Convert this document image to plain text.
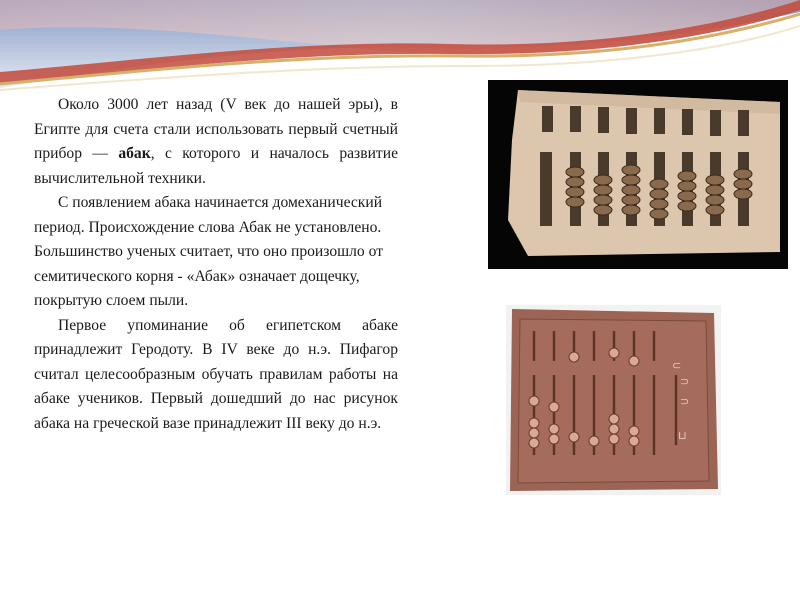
Около 3000 лет назад (V век до нашей эры), в Египте для счета стали использовать первый счетный прибор — абак, с которого и началось развитие вычислительной техники.

С появлением абака начинается домеханический период. Происхождение слова Абак не установлено. Большинство ученых считает, что оно произошло от семитического корня - «Абак» означает дощечку, покрытую слоем пыли.

Первое упоминание об египетском абаке принадлежит Геродоту. В IV веке до н.э. Пифагор считал целесообразным обучать правилам работы на абаке учеников. Первый дошедший до нас рисунок абака на греческой вазе принадлежит III веку до н.э.

⊂
⊃
⊃
⊔
